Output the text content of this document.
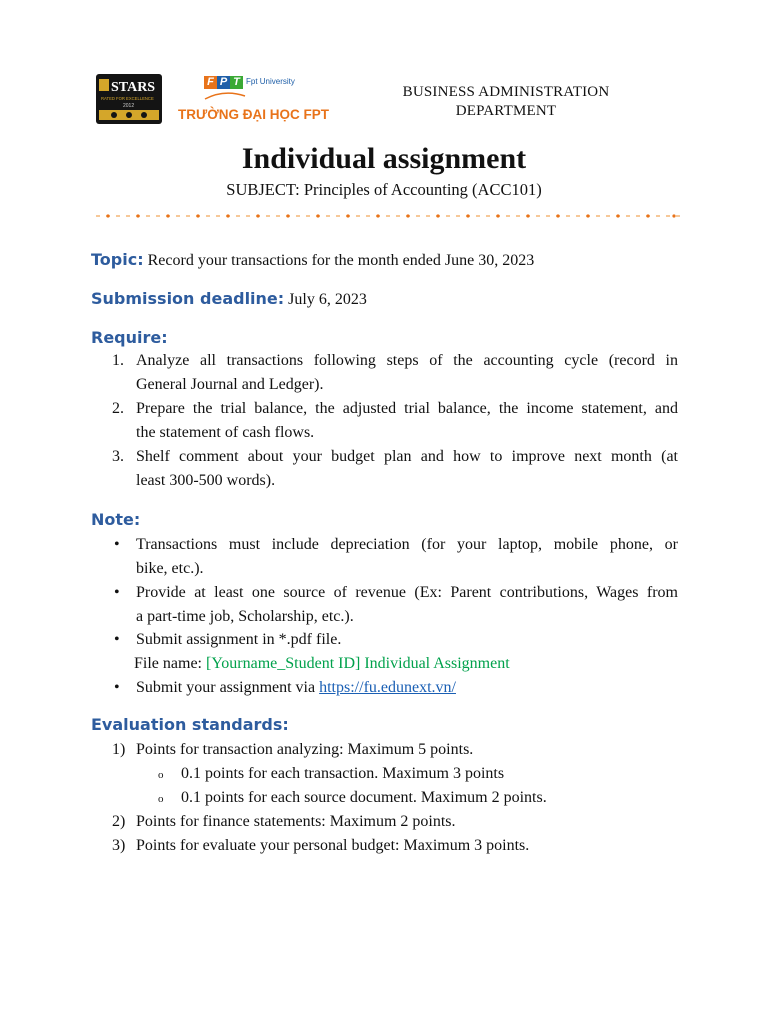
STARS
RATED FOR EXCELLENCE
2012
F P T Fpt University
TRƯỜNG ĐẠI HỌC FPT
BUSINESS ADMINISTRATION
DEPARTMENT
Individual assignment
SUBJECT: Principles of Accounting (ACC101)
Topic: Record your transactions for the month ended June 30, 2023
Submission deadline: July 6, 2023
Require:
1. Analyze all transactions following steps of the accounting cycle (record in
General Journal and Ledger).
2. Prepare the trial balance, the adjusted trial balance, the income statement, and
the statement of cash flows.
3. Shelf comment about your budget plan and how to improve next month (at
least 300-500 words).
Note:
• Transactions must include depreciation (for your laptop, mobile phone, or
bike, etc.).
• Provide at least one source of revenue (Ex: Parent contributions, Wages from
a part-time job, Scholarship, etc.).
• Submit assignment in *.pdf file.
File name: [Yourname_Student ID] Individual Assignment
• Submit your assignment via https://fu.edunext.vn/
Evaluation standards:
1) Points for transaction analyzing: Maximum 5 points.
o 0.1 points for each transaction. Maximum 3 points
o 0.1 points for each source document. Maximum 2 points.
2) Points for finance statements: Maximum 2 points.
3) Points for evaluate your personal budget: Maximum 3 points.
